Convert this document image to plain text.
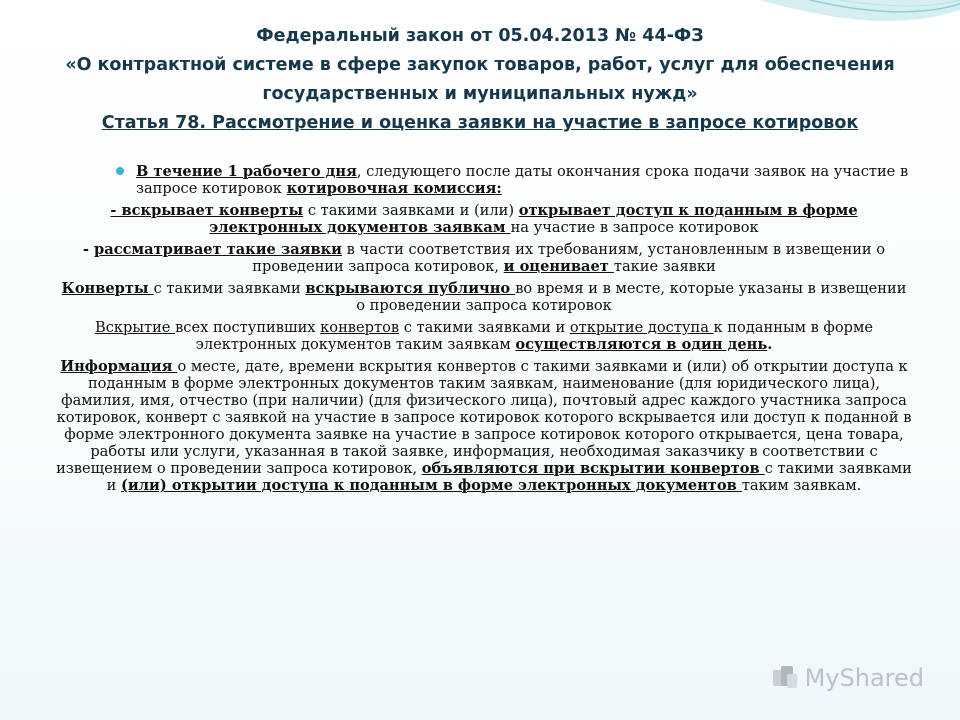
Федеральный закон от 05.04.2013 № 44-ФЗ
«О контрактной системе в сфере закупок товаров, работ, услуг для обеспечения государственных и муниципальных нужд»
Статья 78. Рассмотрение и оценка заявки на участие в запросе котировок
В течение 1 рабочего дня, следующего после даты окончания срока подачи заявок на участие в запросе котировок котировочная комиссия:
- вскрывает конверты с такими заявками и (или) открывает доступ к поданным в форме электронных документов заявкам на участие в запросе котировок
- рассматривает такие заявки в части соответствия их требованиям, установленным в извещении о проведении запроса котировок, и оценивает такие заявки
Конверты с такими заявками вскрываются публично во время и в месте, которые указаны в извещении о проведении запроса котировок
Вскрытие всех поступивших конвертов с такими заявками и открытие доступа к поданным в форме электронных документов таким заявкам осуществляются в один день.
Информация о месте, дате, времени вскрытия конвертов с такими заявками и (или) об открытии доступа к поданным в форме электронных документов таким заявкам, наименование (для юридического лица), фамилия, имя, отчество (при наличии) (для физического лица), почтовый адрес каждого участника запроса котировок, конверт с заявкой на участие в запросе котировок которого вскрывается или доступ к поданной в форме электронного документа заявке на участие в запросе котировок которого открывается, цена товара, работы или услуги, указанная в такой заявке, информация, необходимая заказчику в соответствии с извещением о проведении запроса котировок, объявляются при вскрытии конвертов с такими заявками и (или) открытии доступа к поданным в форме электронных документов таким заявкам.
MyShared
